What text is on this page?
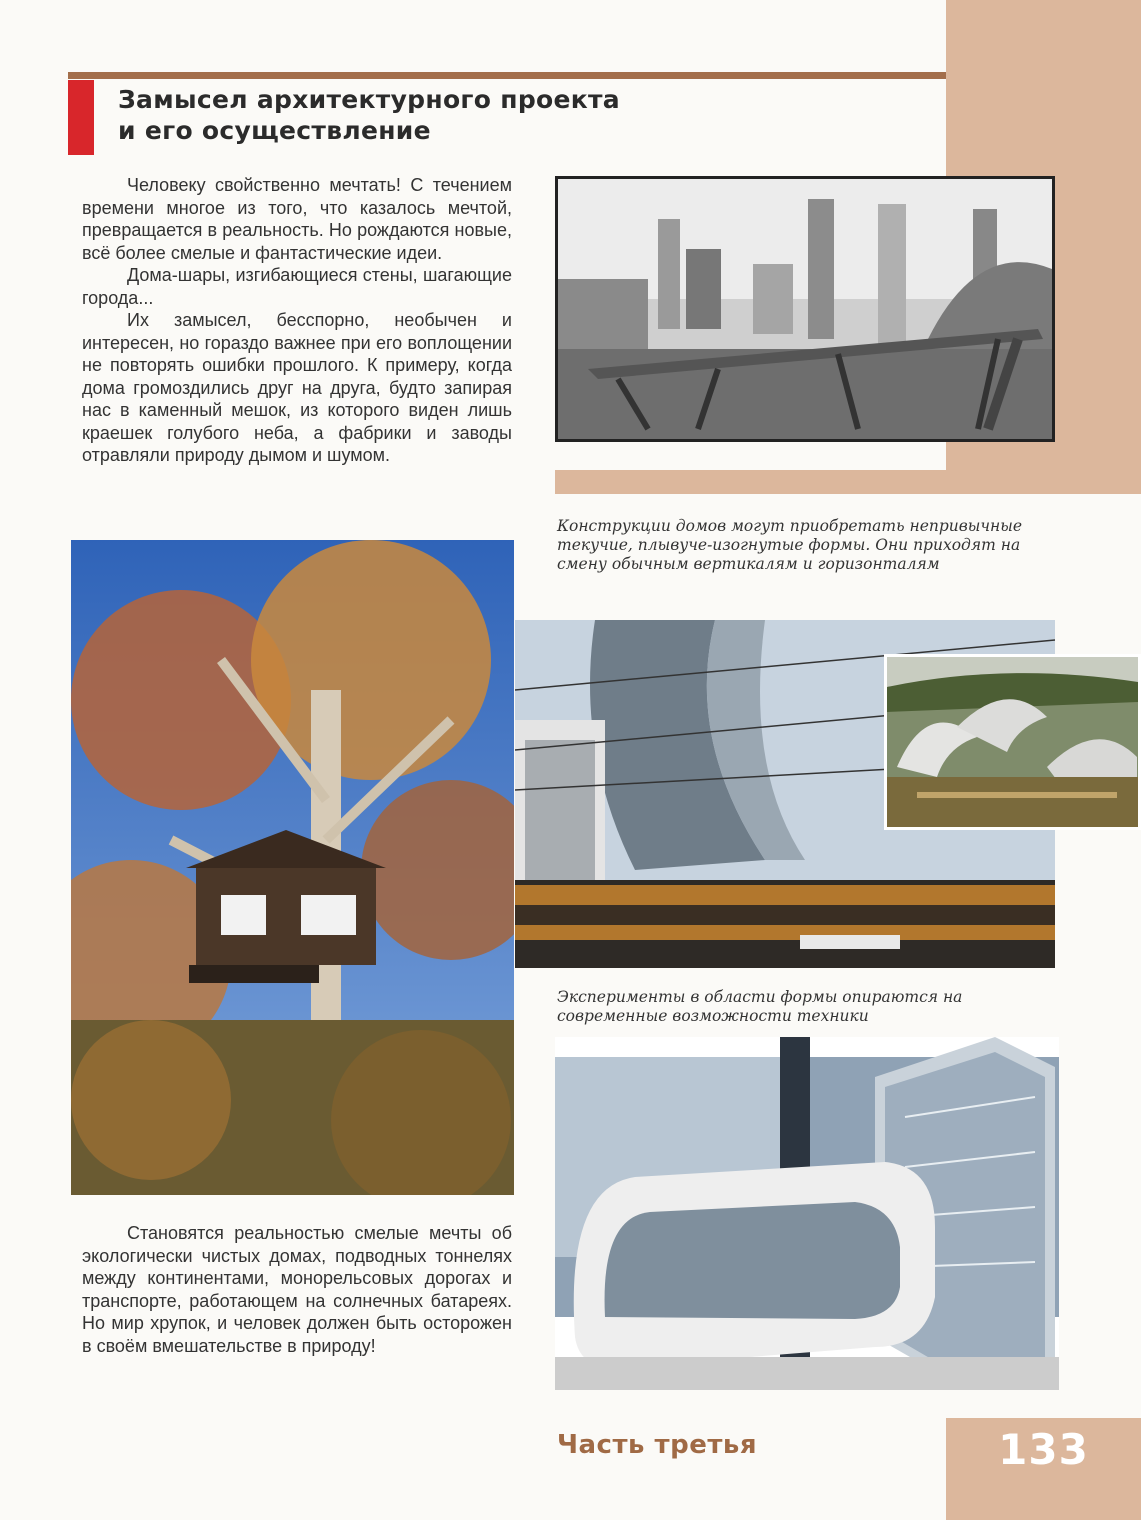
Замысел архитектурного проекта
и его осуществление

Человеку свойственно мечтать! С течением времени многое из того, что казалось мечтой, превращается в реальность. Но рождаются новые, всё более смелые и фантастические идеи.

Дома-шары, изгибающиеся стены, шагающие города...

Их замысел, бесспорно, необычен и интересен, но гораздо важнее при его воплощении не повторять ошибки прошлого. К примеру, когда дома громоздились друг на друга, будто запирая нас в каменный мешок, из которого виден лишь краешек голубого неба, а фабрики и заводы отравляли природу дымом и шумом.

Конструкции домов могут приобретать непривычные текучие, плывуче-изогнутые формы. Они приходят на смену обычным вертикалям и горизонталям

Эксперименты в области формы опираются на современные возможности техники

Становятся реальностью смелые мечты об экологически чистых домах, подводных тоннелях между континентами, монорельсовых дорогах и транспорте, работающем на солнечных батареях. Но мир хрупок, и человек должен быть осторожен в своём вмешательстве в природу!

Часть третья	133
